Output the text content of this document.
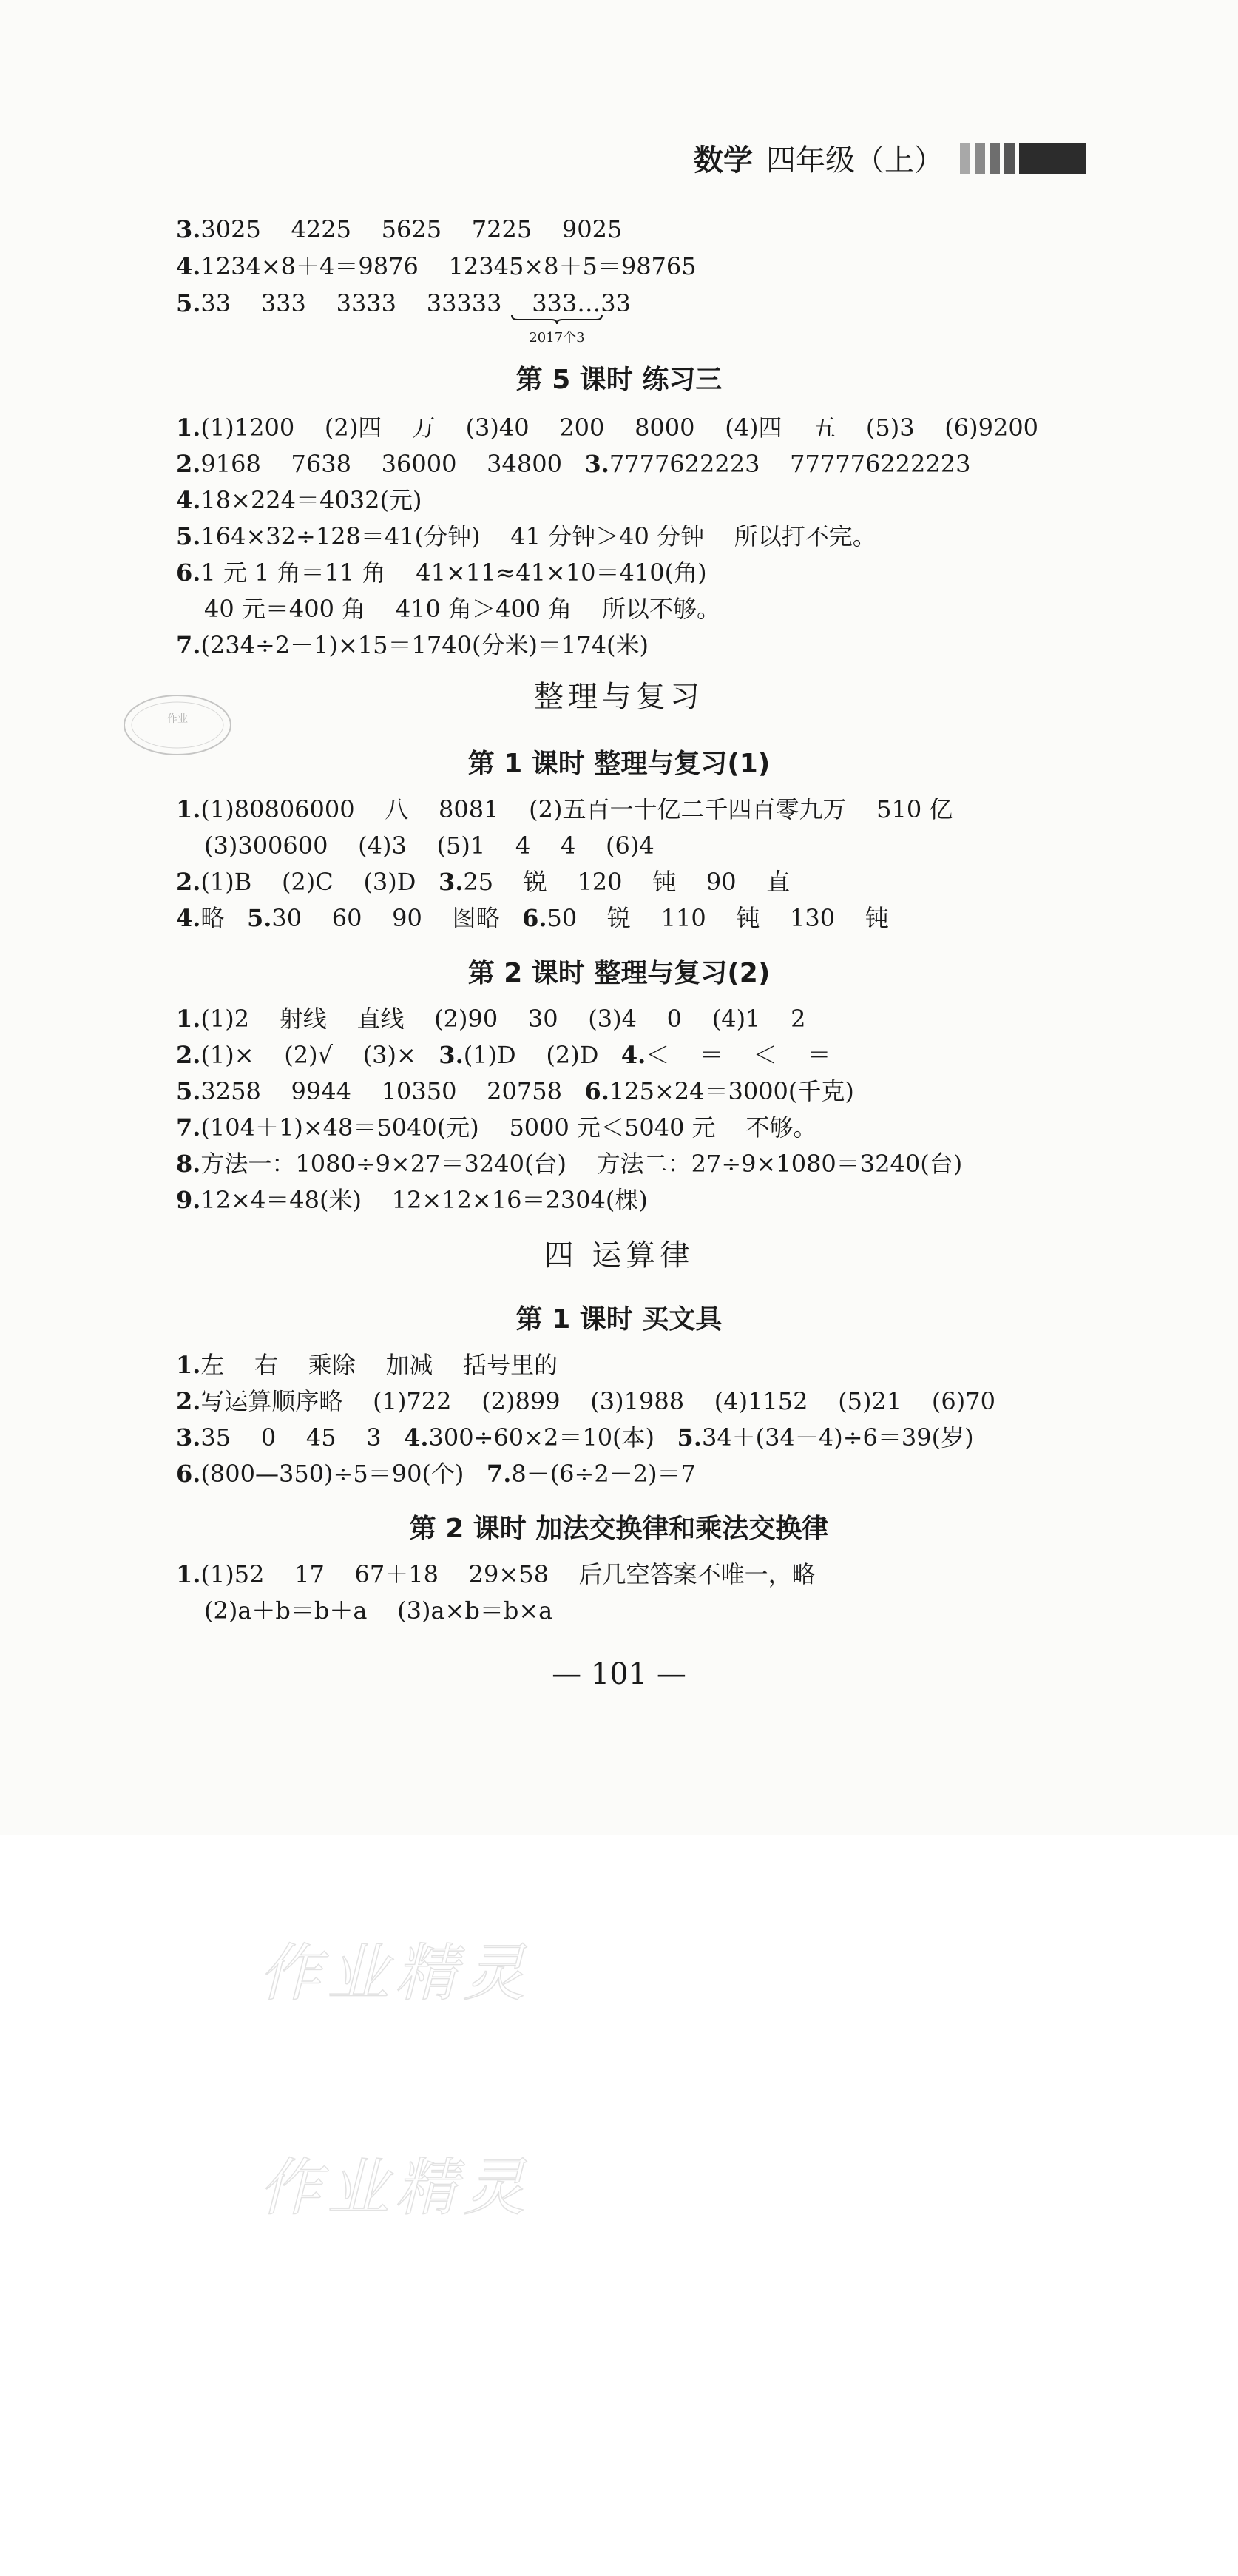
数学 四年级（上）
3.3025    4225    5625    7225    9025
4.1234×8＋4＝9876    12345×8＋5＝98765
5.33    333    3333    33333    333…33
2017个3
第 5 课时 练习三
1.(1)1200    (2)四    万    (3)40    200    8000    (4)四    五    (5)3    (6)9200
2.9168    7638    36000    34800   3.7777622223    777776222223
4.18×224＝4032(元)
5.164×32÷128＝41(分钟)    41 分钟＞40 分钟    所以打不完。
6.1 元 1 角＝11 角    41×11≈41×10＝410(角)
40 元＝400 角    410 角＞400 角    所以不够。
7.(234÷2－1)×15＝1740(分米)＝174(米)
作业
整理与复习
第 1 课时 整理与复习(1)
1.(1)80806000    八    8081    (2)五百一十亿二千四百零九万    510 亿
(3)300600    (4)3    (5)1    4    4    (6)4
2.(1)B    (2)C    (3)D   3.25    锐    120    钝    90    直
4.略   5.30    60    90    图略   6.50    锐    110    钝    130    钝
第 2 课时 整理与复习(2)
1.(1)2    射线    直线    (2)90    30    (3)4    0    (4)1    2
2.(1)×    (2)√    (3)×   3.(1)D    (2)D   4.＜    ＝    ＜    ＝
5.3258    9944    10350    20758   6.125×24＝3000(千克)
7.(104＋1)×48＝5040(元)    5000 元＜5040 元    不够。
8.方法一：1080÷9×27＝3240(台)    方法二：27÷9×1080＝3240(台)
9.12×4＝48(米)    12×12×16＝2304(棵)
四 运算律
第 1 课时 买文具
1.左    右    乘除    加减    括号里的
2.写运算顺序略    (1)722    (2)899    (3)1988    (4)1152    (5)21    (6)70
3.35    0    45    3   4.300÷60×2＝10(本)   5.34＋(34－4)÷6＝39(岁)
6.(800—350)÷5＝90(个)   7.8－(6÷2－2)＝7
第 2 课时 加法交换律和乘法交换律
1.(1)52    17    67＋18    29×58    后几空答案不唯一，略
(2)a＋b＝b＋a    (3)a×b＝b×a
— 101 —
作业精灵
作业精灵
